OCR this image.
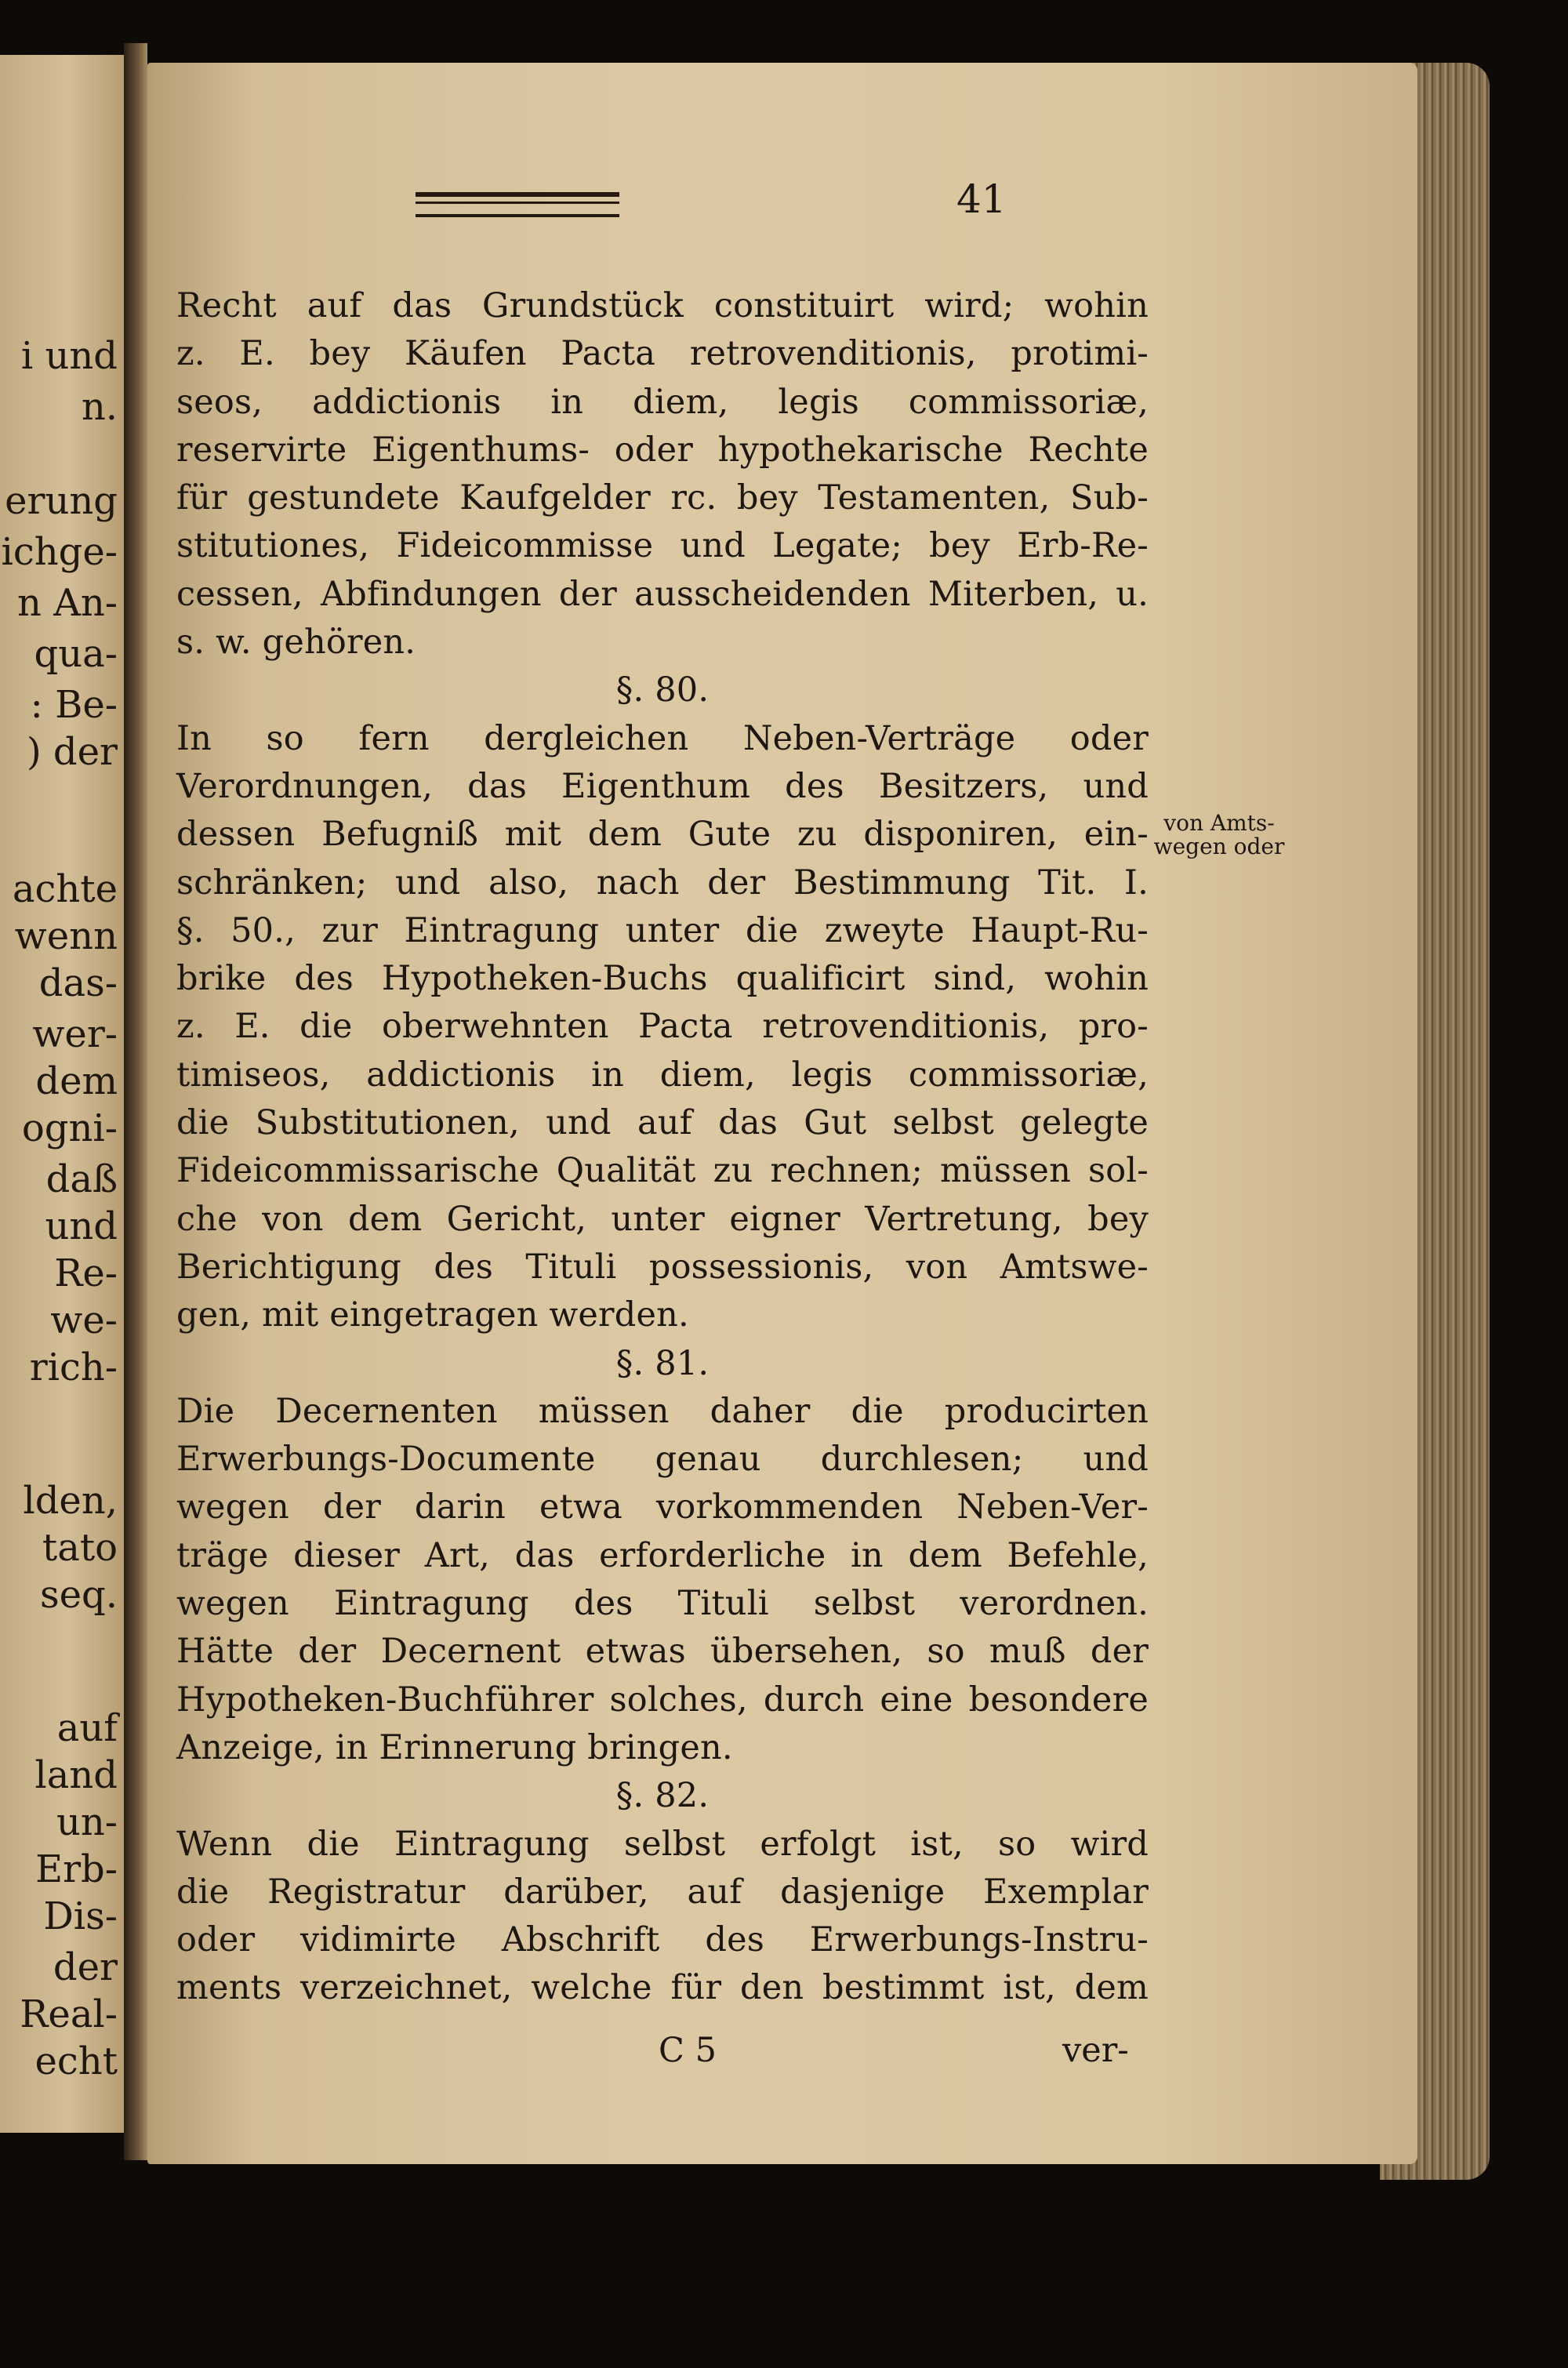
i und
n.
erung
ichge-
n An-
qua-
: Be-
) der
achte
wenn
das-
wer-
dem
ogni-
daß
und
Re-
we-
rich-
lden,
tato
seq.
auf
land
un-
Erb-
Dis-
der
Real-
echt
41
Recht auf das Grundstück constituirt wird; wohin
z. E. bey Käufen Pacta retrovenditionis, protimi-
seos, addictionis in diem, legis commissoriæ,
reservirte Eigenthums- oder hypothekarische Rechte
für gestundete Kaufgelder rc. bey Testamenten, Sub-
stitutiones, Fideicommisse und Legate; bey Erb-Re-
cessen, Abfindungen der ausscheidenden Miterben, u.
s. w. gehören.
§. 80.
In so fern dergleichen Neben-Verträge oder
Verordnungen, das Eigenthum des Besitzers, und
dessen Befugniß mit dem Gute zu disponiren, ein-
schränken; und also, nach der Bestimmung Tit. I.
§. 50., zur Eintragung unter die zweyte Haupt-Ru-
brike des Hypotheken-Buchs qualificirt sind, wohin
z. E. die oberwehnten Pacta retrovenditionis, pro-
timiseos, addictionis in diem, legis commissoriæ,
die Substitutionen, und auf das Gut selbst gelegte
Fideicommissarische Qualität zu rechnen; müssen sol-
che von dem Gericht, unter eigner Vertretung, bey
Berichtigung des Tituli possessionis, von Amtswe-
gen, mit eingetragen werden.
§. 81.
Die Decernenten müssen daher die producirten
Erwerbungs-Documente genau durchlesen; und
wegen der darin etwa vorkommenden Neben-Ver-
träge dieser Art, das erforderliche in dem Befehle,
wegen Eintragung des Tituli selbst verordnen.
Hätte der Decernent etwas übersehen, so muß der
Hypotheken-Buchführer solches, durch eine besondere
Anzeige, in Erinnerung bringen.
§. 82.
Wenn die Eintragung selbst erfolgt ist, so wird
die Registratur darüber, auf dasjenige Exemplar
oder vidimirte Abschrift des Erwerbungs-Instru-
ments verzeichnet, welche für den bestimmt ist, dem
von Amts-
wegen oder
C 5	ver-
